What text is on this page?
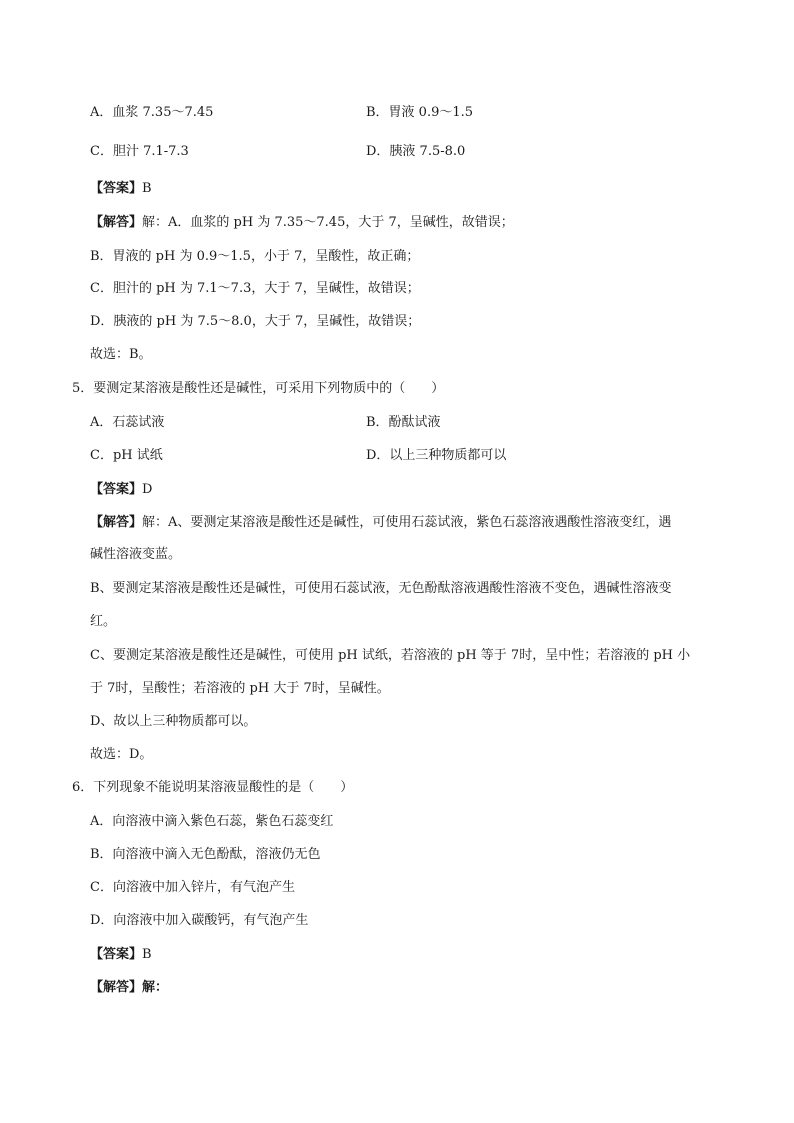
A．血浆 7.35～7.45	B．胃液 0.9～1.5
C．胆汁 7.1-7.3	D．胰液 7.5-8.0
【答案】B
【解答】解：A．血浆的 pH 为 7.35～7.45，大于 7，呈碱性，故错误；
B．胃液的 pH 为 0.9～1.5，小于 7，呈酸性，故正确；
C．胆汁的 pH 为 7.1～7.3，大于 7，呈碱性，故错误；
D．胰液的 pH 为 7.5～8.0，大于 7，呈碱性，故错误；
故选：B。
5．要测定某溶液是酸性还是碱性，可采用下列物质中的（　　）
A．石蕊试液	B．酚酞试液
C．pH 试纸	D．以上三种物质都可以
【答案】D
【解答】解：A、要测定某溶液是酸性还是碱性，可使用石蕊试液，紫色石蕊溶液遇酸性溶液变红，遇
碱性溶液变蓝。
B、要测定某溶液是酸性还是碱性，可使用石蕊试液，无色酚酞溶液遇酸性溶液不变色，遇碱性溶液变
红。
C、要测定某溶液是酸性还是碱性，可使用 pH 试纸，若溶液的 pH 等于 7时，呈中性；若溶液的 pH 小
于 7时，呈酸性；若溶液的 pH 大于 7时，呈碱性。
D、故以上三种物质都可以。
故选：D。
6．下列现象不能说明某溶液显酸性的是（　　）
A．向溶液中滴入紫色石蕊，紫色石蕊变红
B．向溶液中滴入无色酚酞，溶液仍无色
C．向溶液中加入锌片，有气泡产生
D．向溶液中加入碳酸钙，有气泡产生
【答案】B
【解答】解：
